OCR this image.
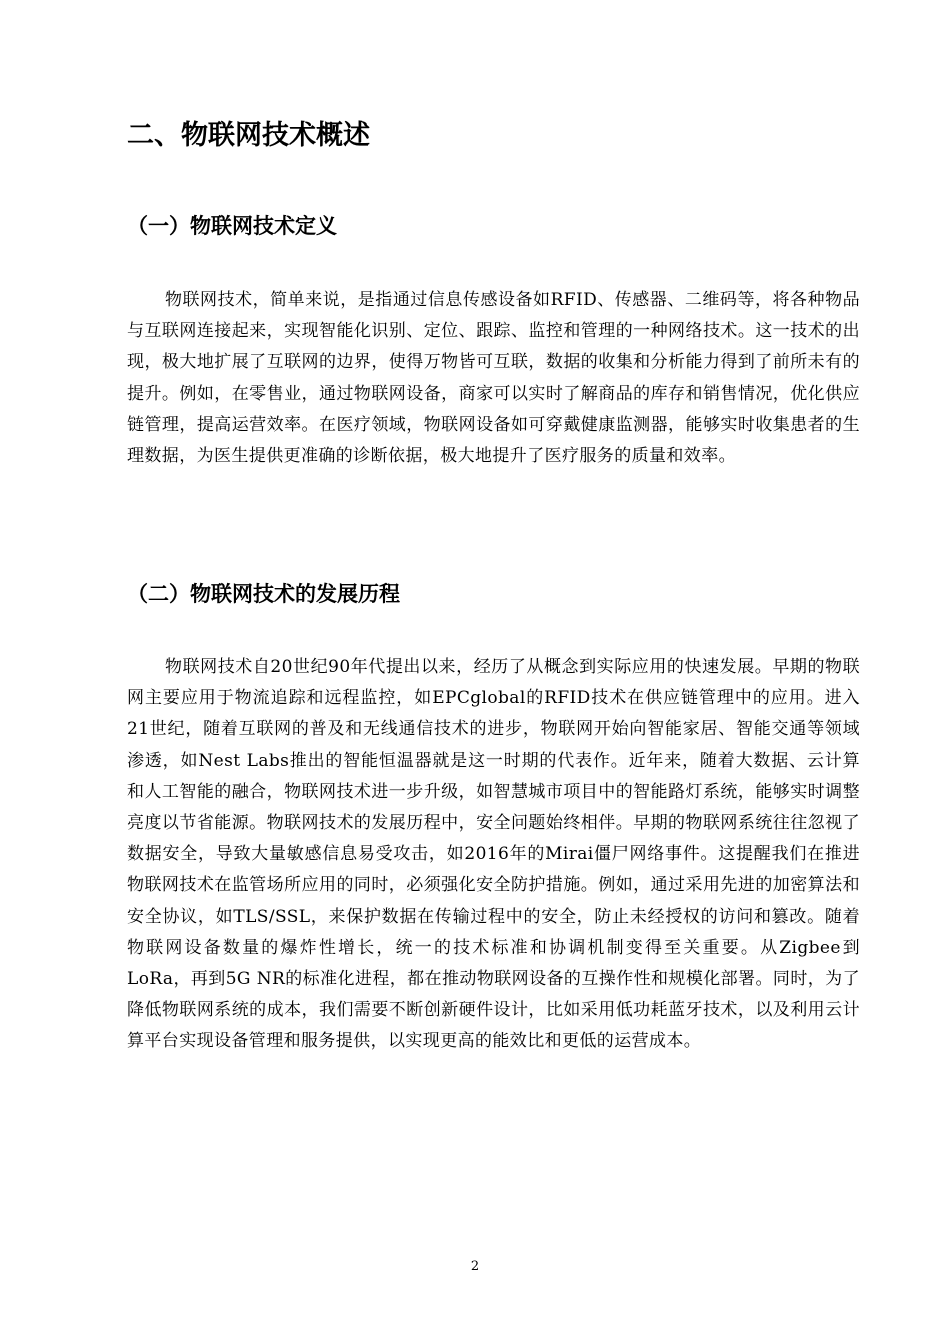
二、物联网技术概述
（一）物联网技术定义

物联网技术，简单来说，是指通过信息传感设备如RFID、传感器、二维码等，将各种物品与互联网连接起来，实现智能化识别、定位、跟踪、监控和管理的一种网络技术。这一技术的出现，极大地扩展了互联网的边界，使得万物皆可互联，数据的收集和分析能力得到了前所未有的提升。例如，在零售业，通过物联网设备，商家可以实时了解商品的库存和销售情况，优化供应链管理，提高运营效率。在医疗领域，物联网设备如可穿戴健康监测器，能够实时收集患者的生理数据，为医生提供更准确的诊断依据，极大地提升了医疗服务的质量和效率。

（二）物联网技术的发展历程

物联网技术自20世纪90年代提出以来，经历了从概念到实际应用的快速发展。早期的物联网主要应用于物流追踪和远程监控，如EPCglobal的RFID技术在供应链管理中的应用。进入21世纪，随着互联网的普及和无线通信技术的进步，物联网开始向智能家居、智能交通等领域渗透，如Nest Labs推出的智能恒温器就是这一时期的代表作。近年来，随着大数据、云计算和人工智能的融合，物联网技术进一步升级，如智慧城市项目中的智能路灯系统，能够实时调整亮度以节省能源。物联网技术的发展历程中，安全问题始终相伴。早期的物联网系统往往忽视了数据安全，导致大量敏感信息易受攻击，如2016年的Mirai僵尸网络事件。这提醒我们在推进物联网技术在监管场所应用的同时，必须强化安全防护措施。例如，通过采用先进的加密算法和安全协议，如TLS/SSL，来保护数据在传输过程中的安全，防止未经授权的访问和篡改。随着物联网设备数量的爆炸性增长，统一的技术标准和协调机制变得至关重要。从Zigbee到LoRa，再到5G NR的标准化进程，都在推动物联网设备的互操作性和规模化部署。同时，为了降低物联网系统的成本，我们需要不断创新硬件设计，比如采用低功耗蓝牙技术，以及利用云计算平台实现设备管理和服务提供，以实现更高的能效比和更低的运营成本。

2
